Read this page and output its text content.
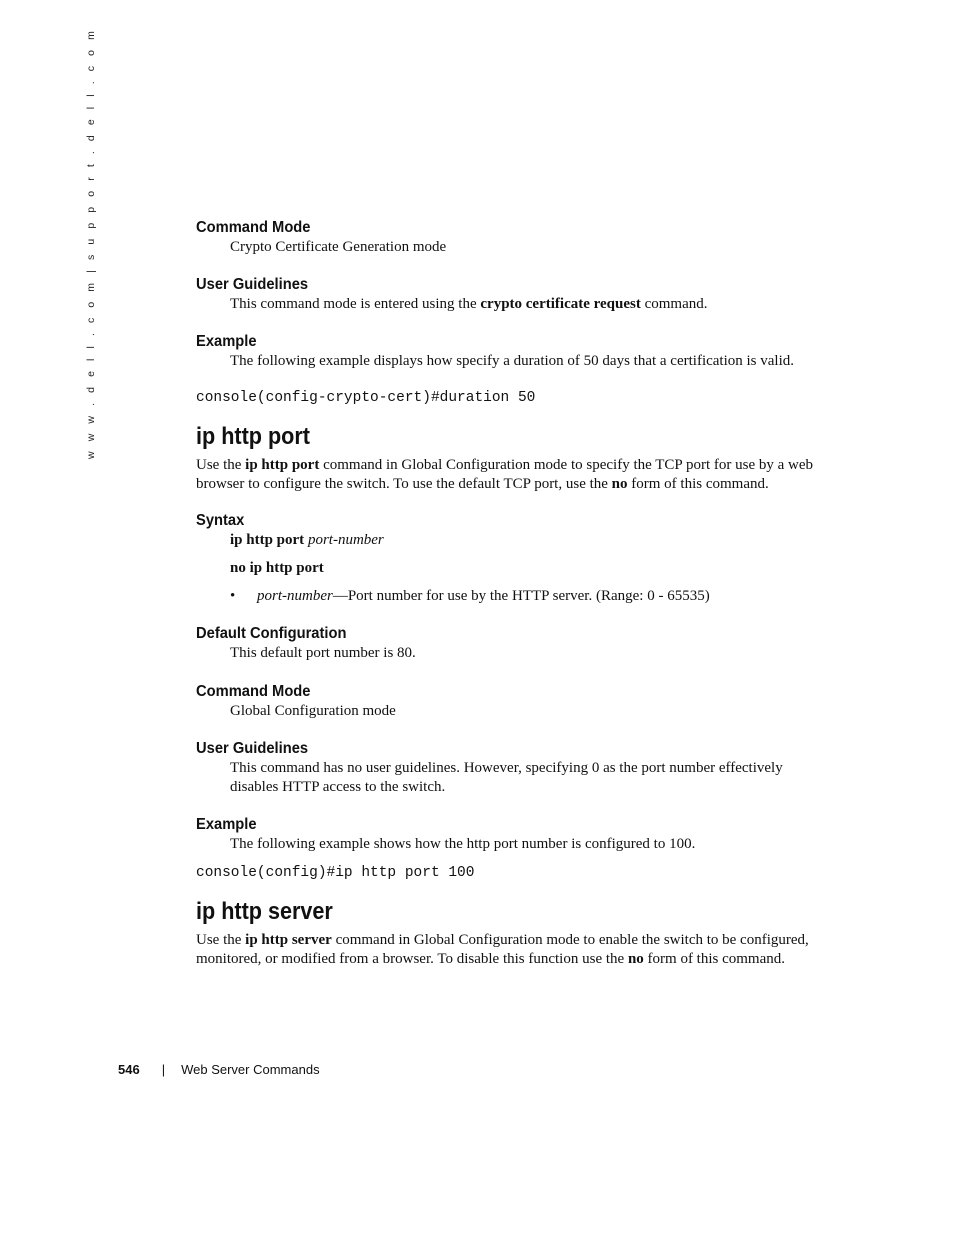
w w w . d e l l . c o m | s u p p o r t . d e l l . c o m	Command Mode

Crypto Certificate Generation mode

User Guidelines

This command mode is entered using the crypto certificate request command.

Example

The following example displays how specify a duration of 50 days that a certification is valid.

console(config-crypto-cert)#duration 50

ip http port

Use the ip http port command in Global Configuration mode to specify the TCP port for use by a web browser to configure the switch. To use the default TCP port, use the no form of this command.

Syntax

ip http port port-number

no ip http port

• port-number—Port number for use by the HTTP server. (Range: 0 - 65535)
Default Configuration

This default port number is 80.

Command Mode

Global Configuration mode

User Guidelines

This command has no user guidelines. However, specifying 0 as the port number effectively disables HTTP access to the switch.

Example

The following example shows how the http port number is configured to 100.

console(config)#ip http port 100

ip http server

Use the ip http server command in Global Configuration mode to enable the switch to be configured, monitored, or modified from a browser. To disable this function use the no form of this command.

546 | Web Server Commands
